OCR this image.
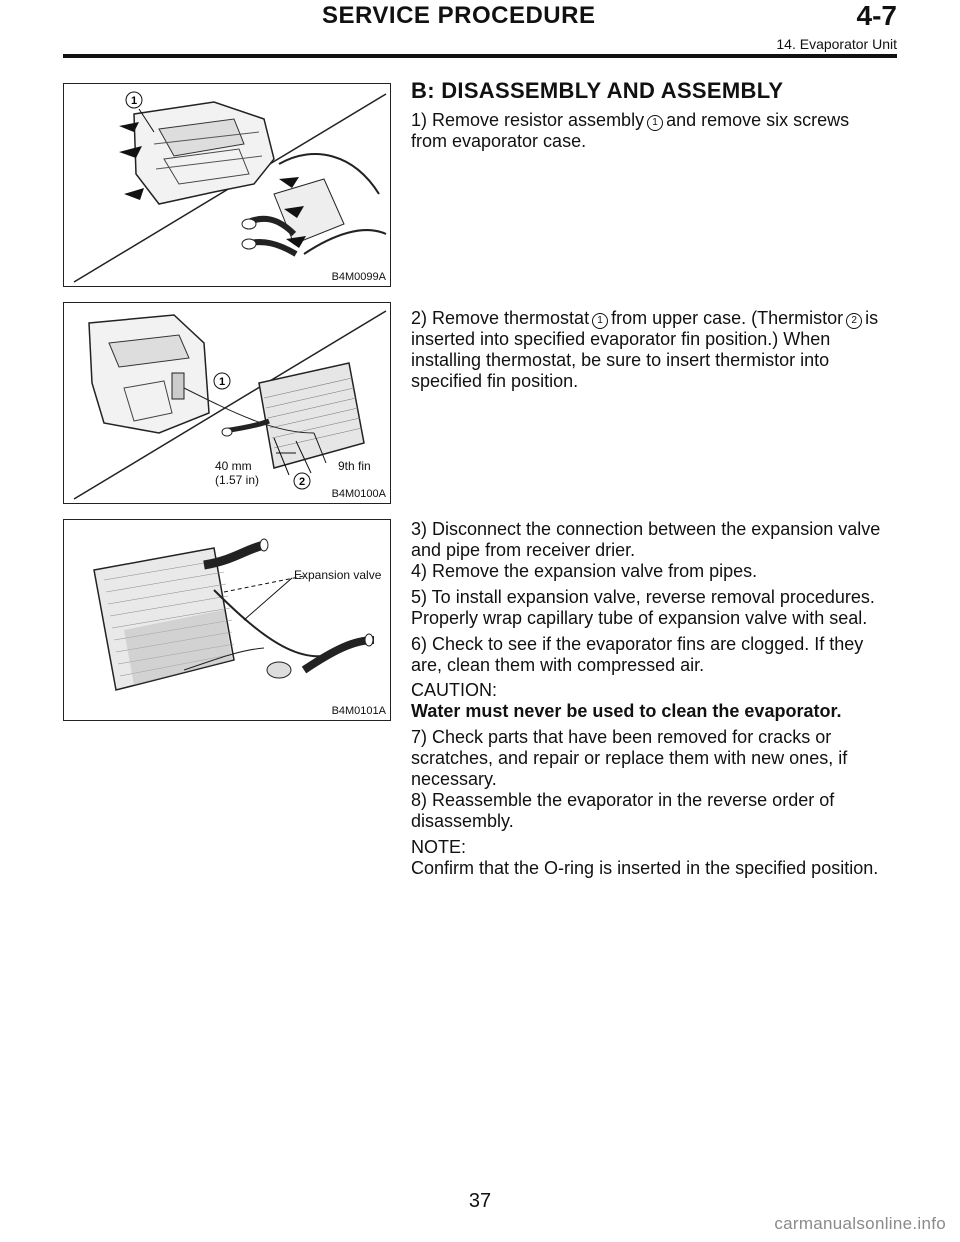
SERVICE PROCEDURE	4-7
14. Evaporator Unit
1
B4M0099A
1
2
40 mm
(1.57 in)
9th fin
B4M0100A
Expansion valve
B4M0101A
B: DISASSEMBLY AND ASSEMBLY

1) Remove resistor assembly 1 and remove six screws from evaporator case.

2) Remove thermostat 1 from upper case. (Thermistor 2 is inserted into specified evaporator fin position.) When installing thermostat, be sure to insert thermistor into specified fin position.

3) Disconnect the connection between the expansion valve and pipe from receiver drier.
4) Remove the expansion valve from pipes.
5) To install expansion valve, reverse removal procedures. Properly wrap capillary tube of expansion valve with seal.
6) Check to see if the evaporator fins are clogged. If they are, clean them with compressed air.
CAUTION:
Water must never be used to clean the evaporator.
7) Check parts that have been removed for cracks or scratches, and repair or replace them with new ones, if necessary.
8) Reassemble the evaporator in the reverse order of disassembly.
NOTE:
Confirm that the O-ring is inserted in the specified position.
37
carmanualsonline.info
